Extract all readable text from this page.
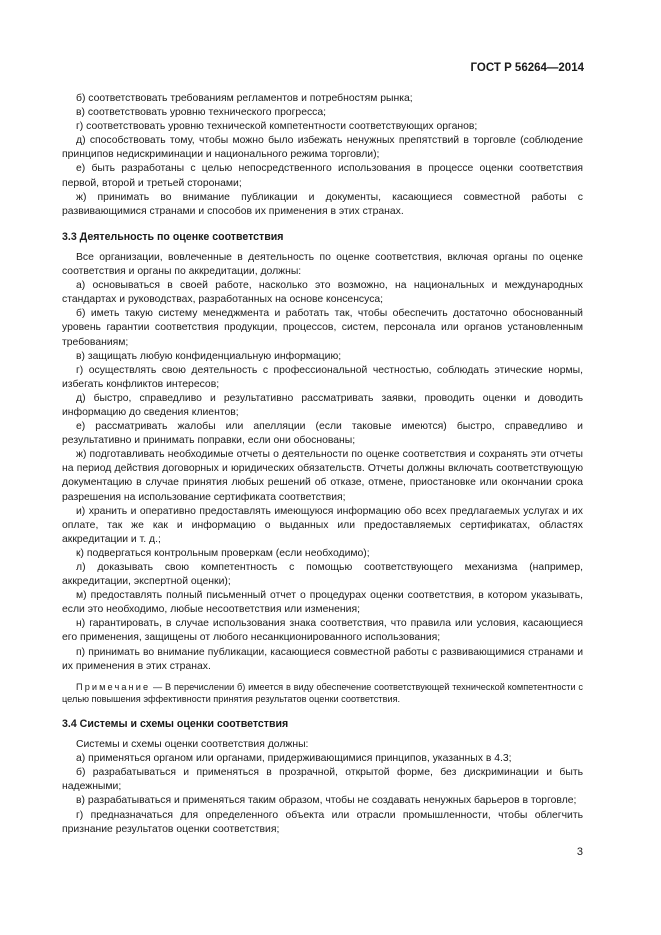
ГОСТ Р 56264—2014

б) соответствовать требованиям регламентов и потребностям рынка;

в) соответствовать уровню технического прогресса;

г) соответствовать уровню технической компетентности соответствующих органов;

д) способствовать тому, чтобы можно было избежать ненужных препятствий в торговле (соблюдение принципов недискриминации и национального режима торговли);

е) быть разработаны с целью непосредственного использования в процессе оценки соответствия первой, второй и третьей сторонами;

ж) принимать во внимание публикации и документы, касающиеся совместной работы с развивающимися странами и способов их применения в этих странах.

3.3 Деятельность по оценке соответствия

Все организации, вовлеченные в деятельность по оценке соответствия, включая органы по оценке соответствия и органы по аккредитации, должны:

а) основываться в своей работе, насколько это возможно, на национальных и международных стандартах и руководствах, разработанных на основе консенсуса;

б) иметь такую систему менеджмента и работать так, чтобы обеспечить достаточно обоснованный уровень гарантии соответствия продукции, процессов, систем, персонала или органов установленным требованиям;

в) защищать любую конфиденциальную информацию;

г) осуществлять свою деятельность с профессиональной честностью, соблюдать этические нормы, избегать конфликтов интересов;

д) быстро, справедливо и результативно рассматривать заявки, проводить оценки и доводить информацию до сведения клиентов;

е) рассматривать жалобы или апелляции (если таковые имеются) быстро, справедливо и результативно и принимать поправки, если они обоснованы;

ж) подготавливать необходимые отчеты о деятельности по оценке соответствия и сохранять эти отчеты на период действия договорных и юридических обязательств. Отчеты должны включать соответствующую документацию в случае принятия любых решений об отказе, отмене, приостановке или окончании срока разрешения на использование сертификата соответствия;

и) хранить и оперативно предоставлять имеющуюся информацию обо всех предлагаемых услугах и их оплате, так же как и информацию о выданных или предоставляемых сертификатах, областях аккредитации и т. д.;

к) подвергаться контрольным проверкам (если необходимо);

л) доказывать свою компетентность с помощью соответствующего механизма (например, аккредитации, экспертной оценки);

м) предоставлять полный письменный отчет о процедурах оценки соответствия, в котором указывать, если это необходимо, любые несоответствия или изменения;

н) гарантировать, в случае использования знака соответствия, что правила или условия, касающиеся его применения, защищены от любого несанкционированного использования;

п) принимать во внимание публикации, касающиеся совместной работы с развивающимися странами и их применения в этих странах.

Примечание — В перечислении б) имеется в виду обеспечение соответствующей технической компетентности с целью повышения эффективности принятия результатов оценки соответствия.

3.4 Системы и схемы оценки соответствия

Системы и схемы оценки соответствия должны:

а) применяться органом или органами, придерживающимися принципов, указанных в 4.3;

б) разрабатываться и применяться в прозрачной, открытой форме, без дискриминации и быть надежными;

в) разрабатываться и применяться таким образом, чтобы не создавать ненужных барьеров в торговле;

г) предназначаться для определенного объекта или отрасли промышленности, чтобы облегчить признание результатов оценки соответствия;

3
